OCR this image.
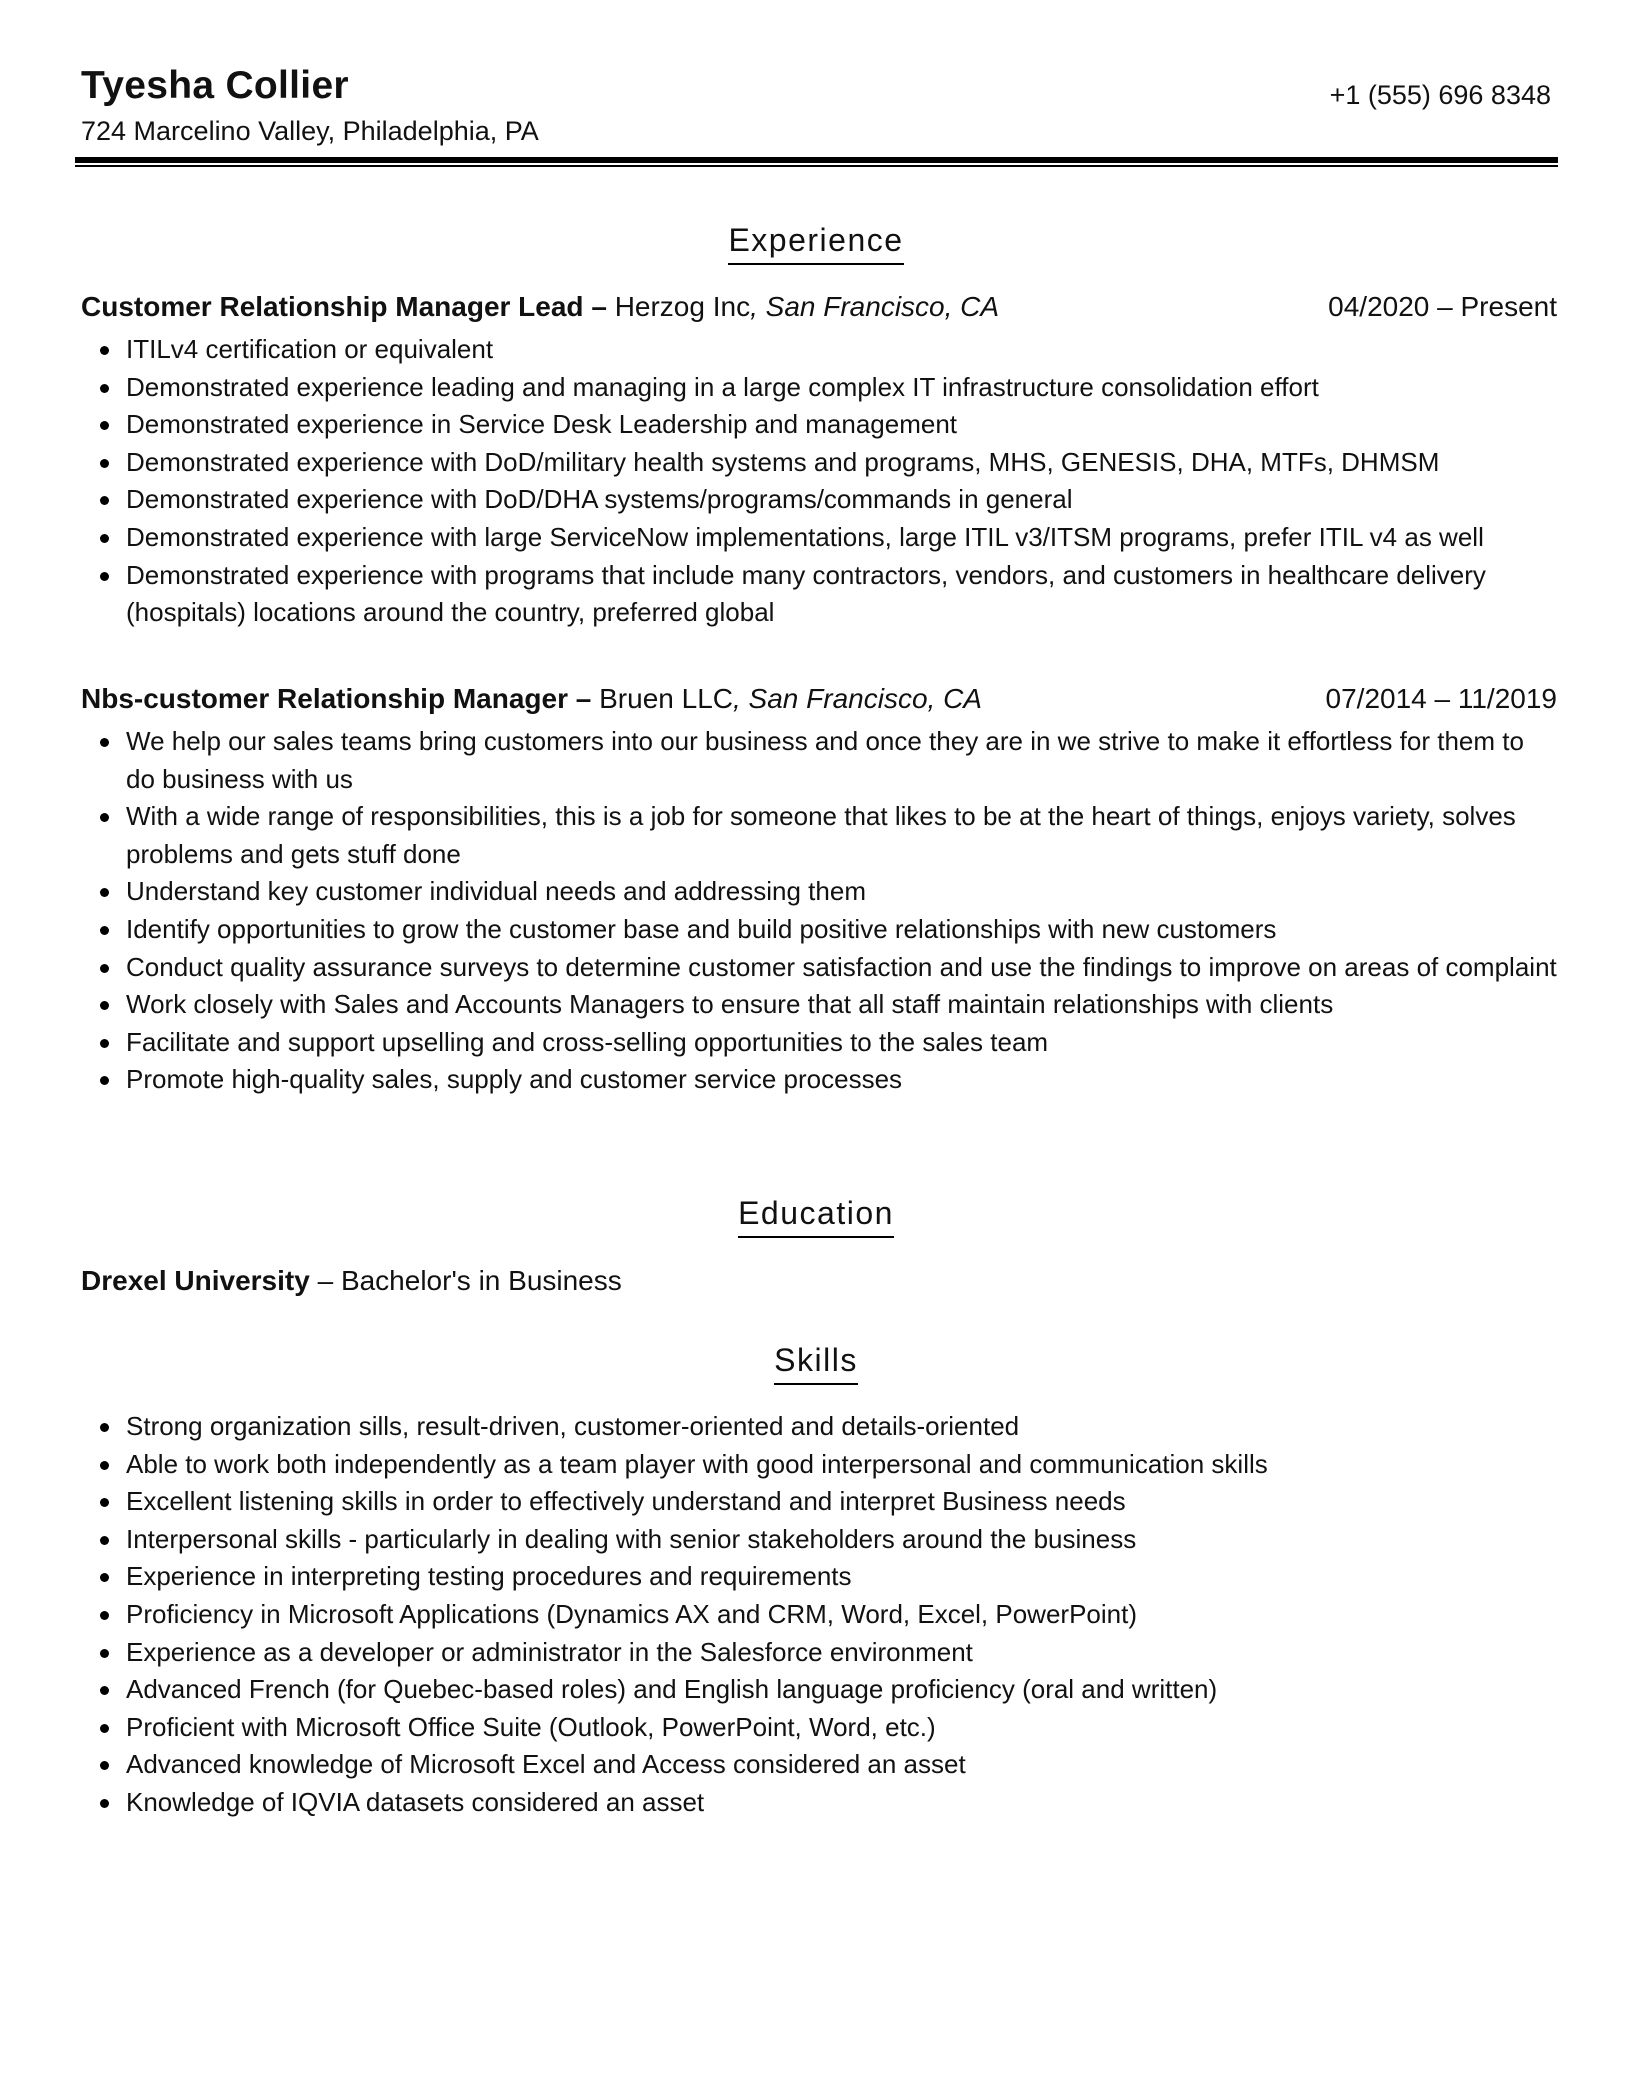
Tyesha Collier
724 Marcelino Valley, Philadelphia, PA
+1 (555) 696 8348
Experience
Customer Relationship Manager Lead – Herzog Inc, San Francisco, CA	04/2020 – Present
ITILv4 certification or equivalent
Demonstrated experience leading and managing in a large complex IT infrastructure consolidation effort
Demonstrated experience in Service Desk Leadership and management
Demonstrated experience with DoD/military health systems and programs, MHS, GENESIS, DHA, MTFs, DHMSM
Demonstrated experience with DoD/DHA systems/programs/commands in general
Demonstrated experience with large ServiceNow implementations, large ITIL v3/ITSM programs, prefer ITIL v4 as well
Demonstrated experience with programs that include many contractors, vendors, and customers in healthcare delivery (hospitals) locations around the country, preferred global
Nbs-customer Relationship Manager – Bruen LLC, San Francisco, CA	07/2014 – 11/2019
We help our sales teams bring customers into our business and once they are in we strive to make it effortless for them to do business with us
With a wide range of responsibilities, this is a job for someone that likes to be at the heart of things, enjoys variety, solves problems and gets stuff done
Understand key customer individual needs and addressing them
Identify opportunities to grow the customer base and build positive relationships with new customers
Conduct quality assurance surveys to determine customer satisfaction and use the findings to improve on areas of complaint
Work closely with Sales and Accounts Managers to ensure that all staff maintain relationships with clients
Facilitate and support upselling and cross-selling opportunities to the sales team
Promote high-quality sales, supply and customer service processes
Education
Drexel University – Bachelor's in Business
Skills
Strong organization sills, result-driven, customer-oriented and details-oriented
Able to work both independently as a team player with good interpersonal and communication skills
Excellent listening skills in order to effectively understand and interpret Business needs
Interpersonal skills - particularly in dealing with senior stakeholders around the business
Experience in interpreting testing procedures and requirements
Proficiency in Microsoft Applications (Dynamics AX and CRM, Word, Excel, PowerPoint)
Experience as a developer or administrator in the Salesforce environment
Advanced French (for Quebec-based roles) and English language proficiency (oral and written)
Proficient with Microsoft Office Suite (Outlook, PowerPoint, Word, etc.)
Advanced knowledge of Microsoft Excel and Access considered an asset
Knowledge of IQVIA datasets considered an asset
